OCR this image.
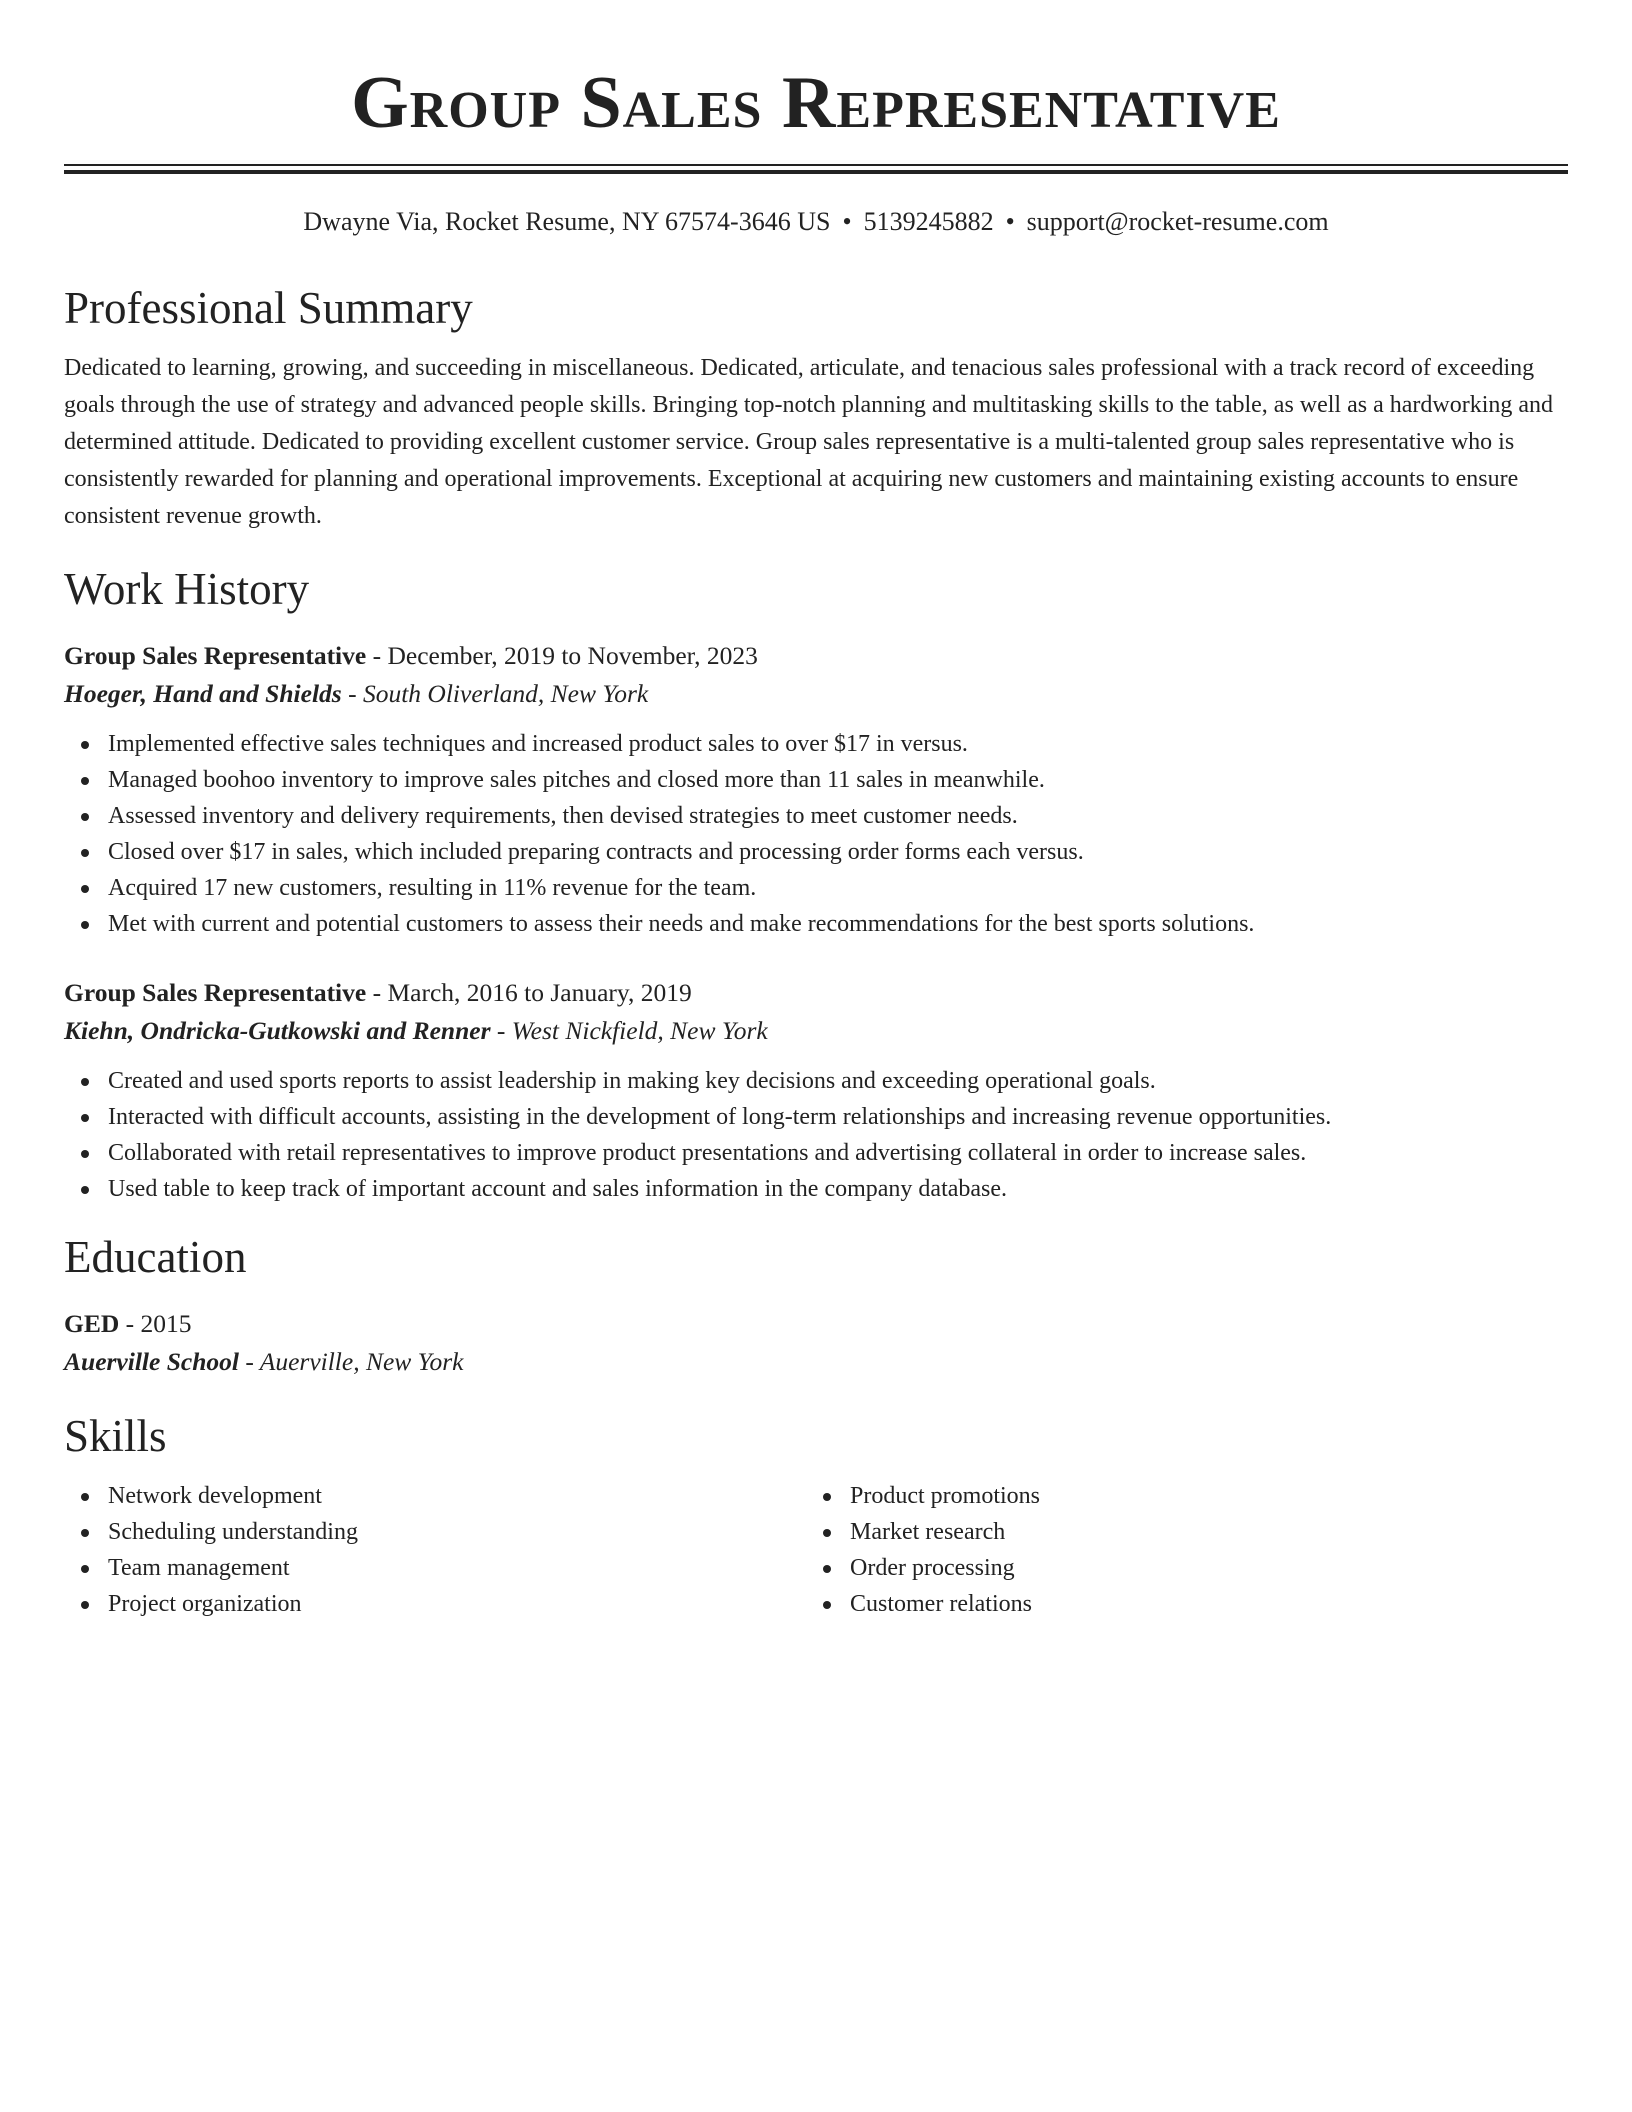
Group Sales Representative
Dwayne Via, Rocket Resume, NY 67574-3646 US • 5139245882 • support@rocket-resume.com
Professional Summary

Dedicated to learning, growing, and succeeding in miscellaneous. Dedicated, articulate, and tenacious sales professional with a track record of exceeding goals through the use of strategy and advanced people skills. Bringing top-notch planning and multitasking skills to the table, as well as a hardworking and determined attitude. Dedicated to providing excellent customer service. Group sales representative is a multi-talented group sales representative who is consistently rewarded for planning and operational improvements. Exceptional at acquiring new customers and maintaining existing accounts to ensure consistent revenue growth.

Work History
Group Sales Representative - December, 2019 to November, 2023
Hoeger, Hand and Shields - South Oliverland, New York
Implemented effective sales techniques and increased product sales to over $17 in versus.
Managed boohoo inventory to improve sales pitches and closed more than 11 sales in meanwhile.
Assessed inventory and delivery requirements, then devised strategies to meet customer needs.
Closed over $17 in sales, which included preparing contracts and processing order forms each versus.
Acquired 17 new customers, resulting in 11% revenue for the team.
Met with current and potential customers to assess their needs and make recommendations for the best sports solutions.
Group Sales Representative - March, 2016 to January, 2019
Kiehn, Ondricka-Gutkowski and Renner - West Nickfield, New York
Created and used sports reports to assist leadership in making key decisions and exceeding operational goals.
Interacted with difficult accounts, assisting in the development of long-term relationships and increasing revenue opportunities.
Collaborated with retail representatives to improve product presentations and advertising collateral in order to increase sales.
Used table to keep track of important account and sales information in the company database.
Education
GED - 2015
Auerville School - Auerville, New York
Skills
Network development
Scheduling understanding
Team management
Project organization
Product promotions
Market research
Order processing
Customer relations
